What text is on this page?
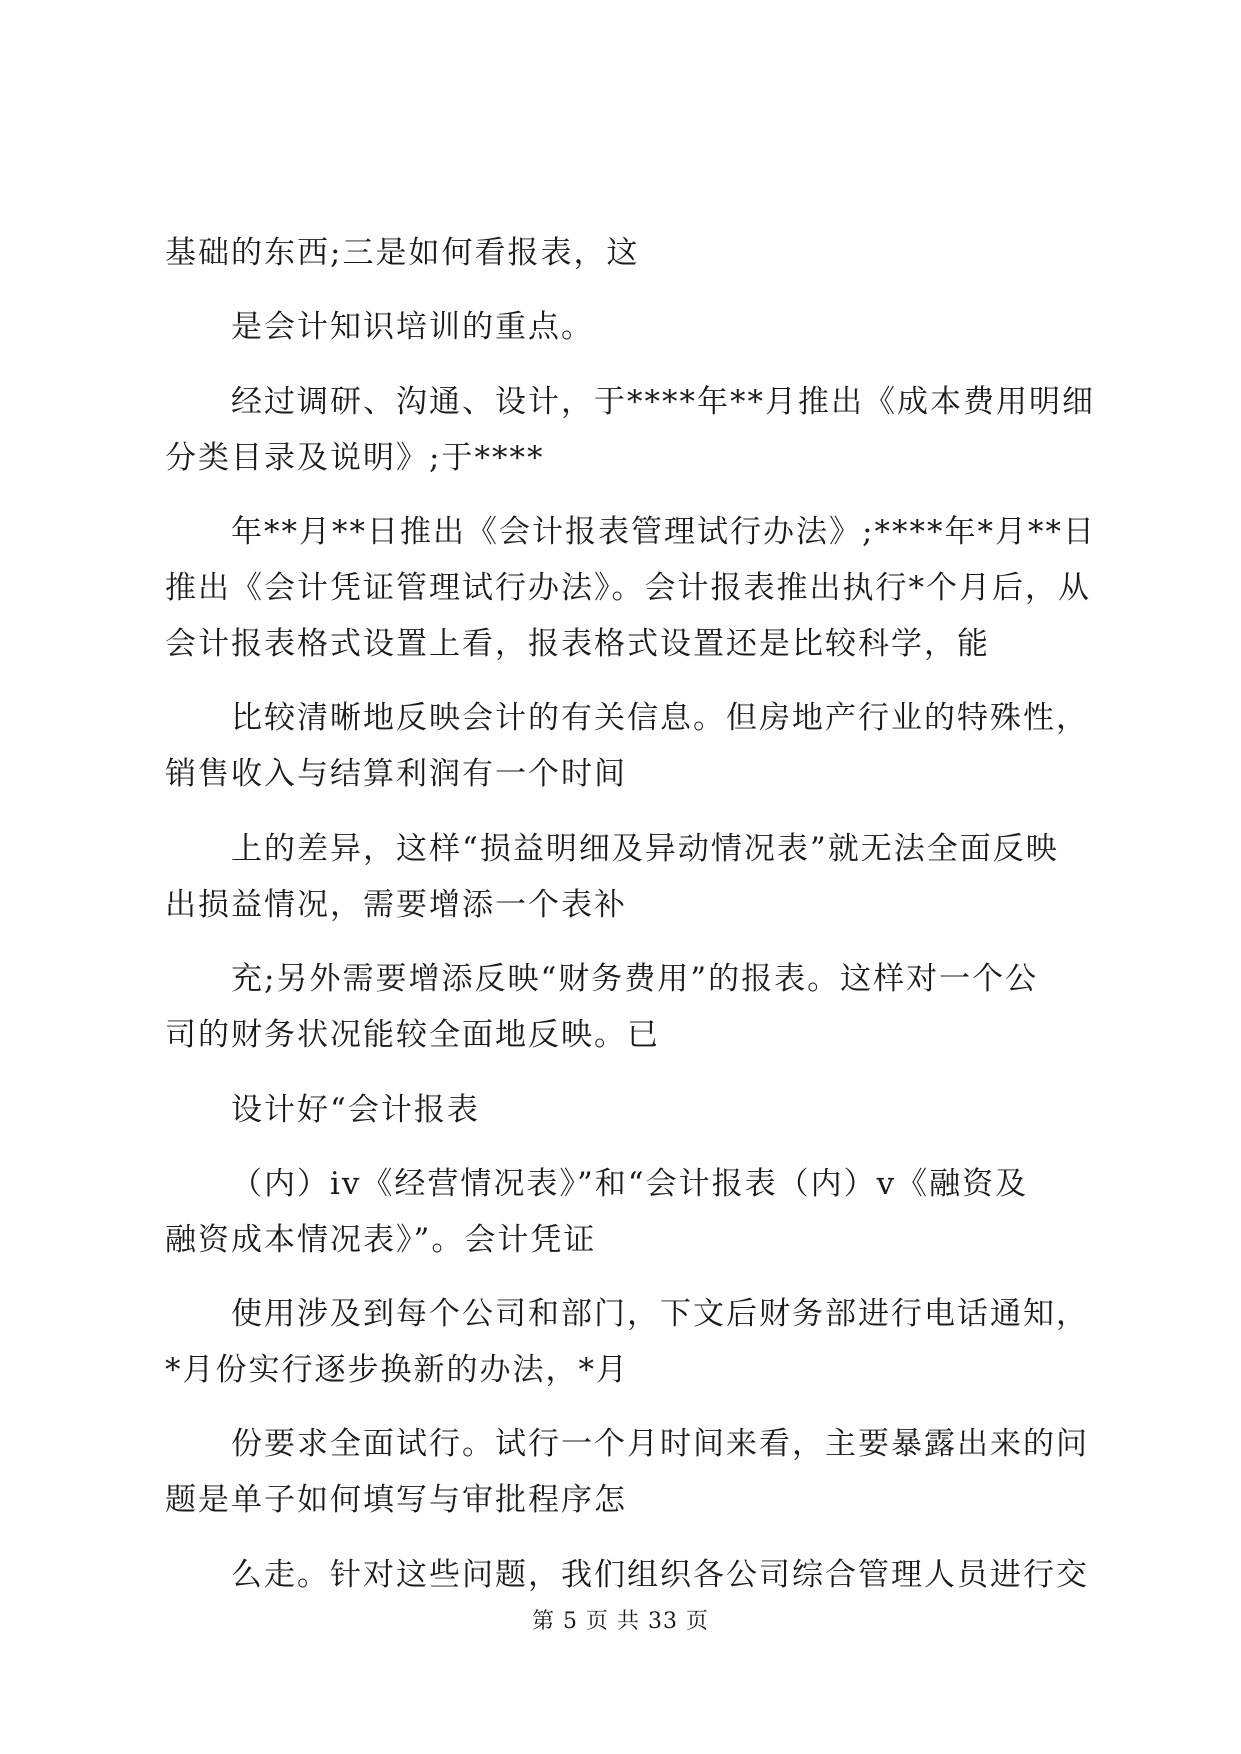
基础的东西;三是如何看报表，这
是会计知识培训的重点。
经过调研、沟通、设计，于****年**月推出《成本费用明细
分类目录及说明》;于****
年**月**日推出《会计报表管理试行办法》;****年*月**日
推出《会计凭证管理试行办法》。会计报表推出执行*个月后，从
会计报表格式设置上看，报表格式设置还是比较科学，能
比较清晰地反映会计的有关信息。但房地产行业的特殊性，
销售收入与结算利润有一个时间
上的差异，这样“损益明细及异动情况表”就无法全面反映
出损益情况，需要增添一个表补
充;另外需要增添反映“财务费用”的报表。这样对一个公
司的财务状况能较全面地反映。已
设计好“会计报表
（内）iv《经营情况表》”和“会计报表（内）v《融资及
融资成本情况表》”。会计凭证
使用涉及到每个公司和部门，下文后财务部进行电话通知，
*月份实行逐步换新的办法，*月
份要求全面试行。试行一个月时间来看，主要暴露出来的问
题是单子如何填写与审批程序怎
么走。针对这些问题，我们组织各公司综合管理人员进行交
第 5 页 共 33 页
